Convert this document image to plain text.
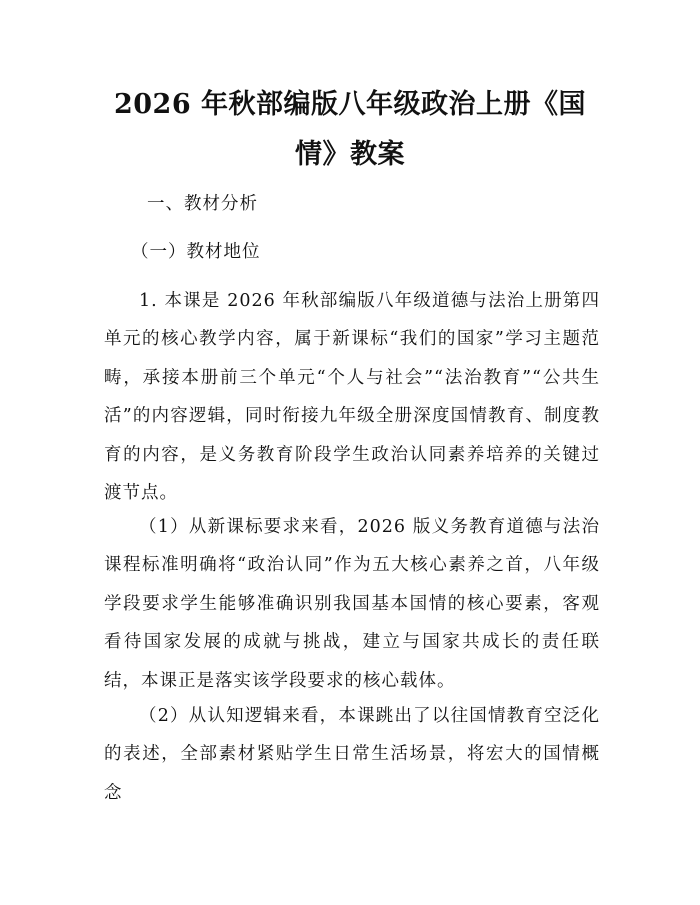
2026 年秋部编版八年级政治上册《国情》教案

一、教材分析

（一）教材地位

1. 本课是 2026 年秋部编版八年级道德与法治上册第四单元的核心教学内容，属于新课标“我们的国家”学习主题范畴，承接本册前三个单元“个人与社会”“法治教育”“公共生活”的内容逻辑，同时衔接九年级全册深度国情教育、制度教育的内容，是义务教育阶段学生政治认同素养培养的关键过渡节点。

（1）从新课标要求来看，2026 版义务教育道德与法治课程标准明确将“政治认同”作为五大核心素养之首，八年级学段要求学生能够准确识别我国基本国情的核心要素，客观看待国家发展的成就与挑战，建立与国家共成长的责任联结，本课正是落实该学段要求的核心载体。

（2）从认知逻辑来看，本课跳出了以往国情教育空泛化的表述，全部素材紧贴学生日常生活场景，将宏大的国情概念
